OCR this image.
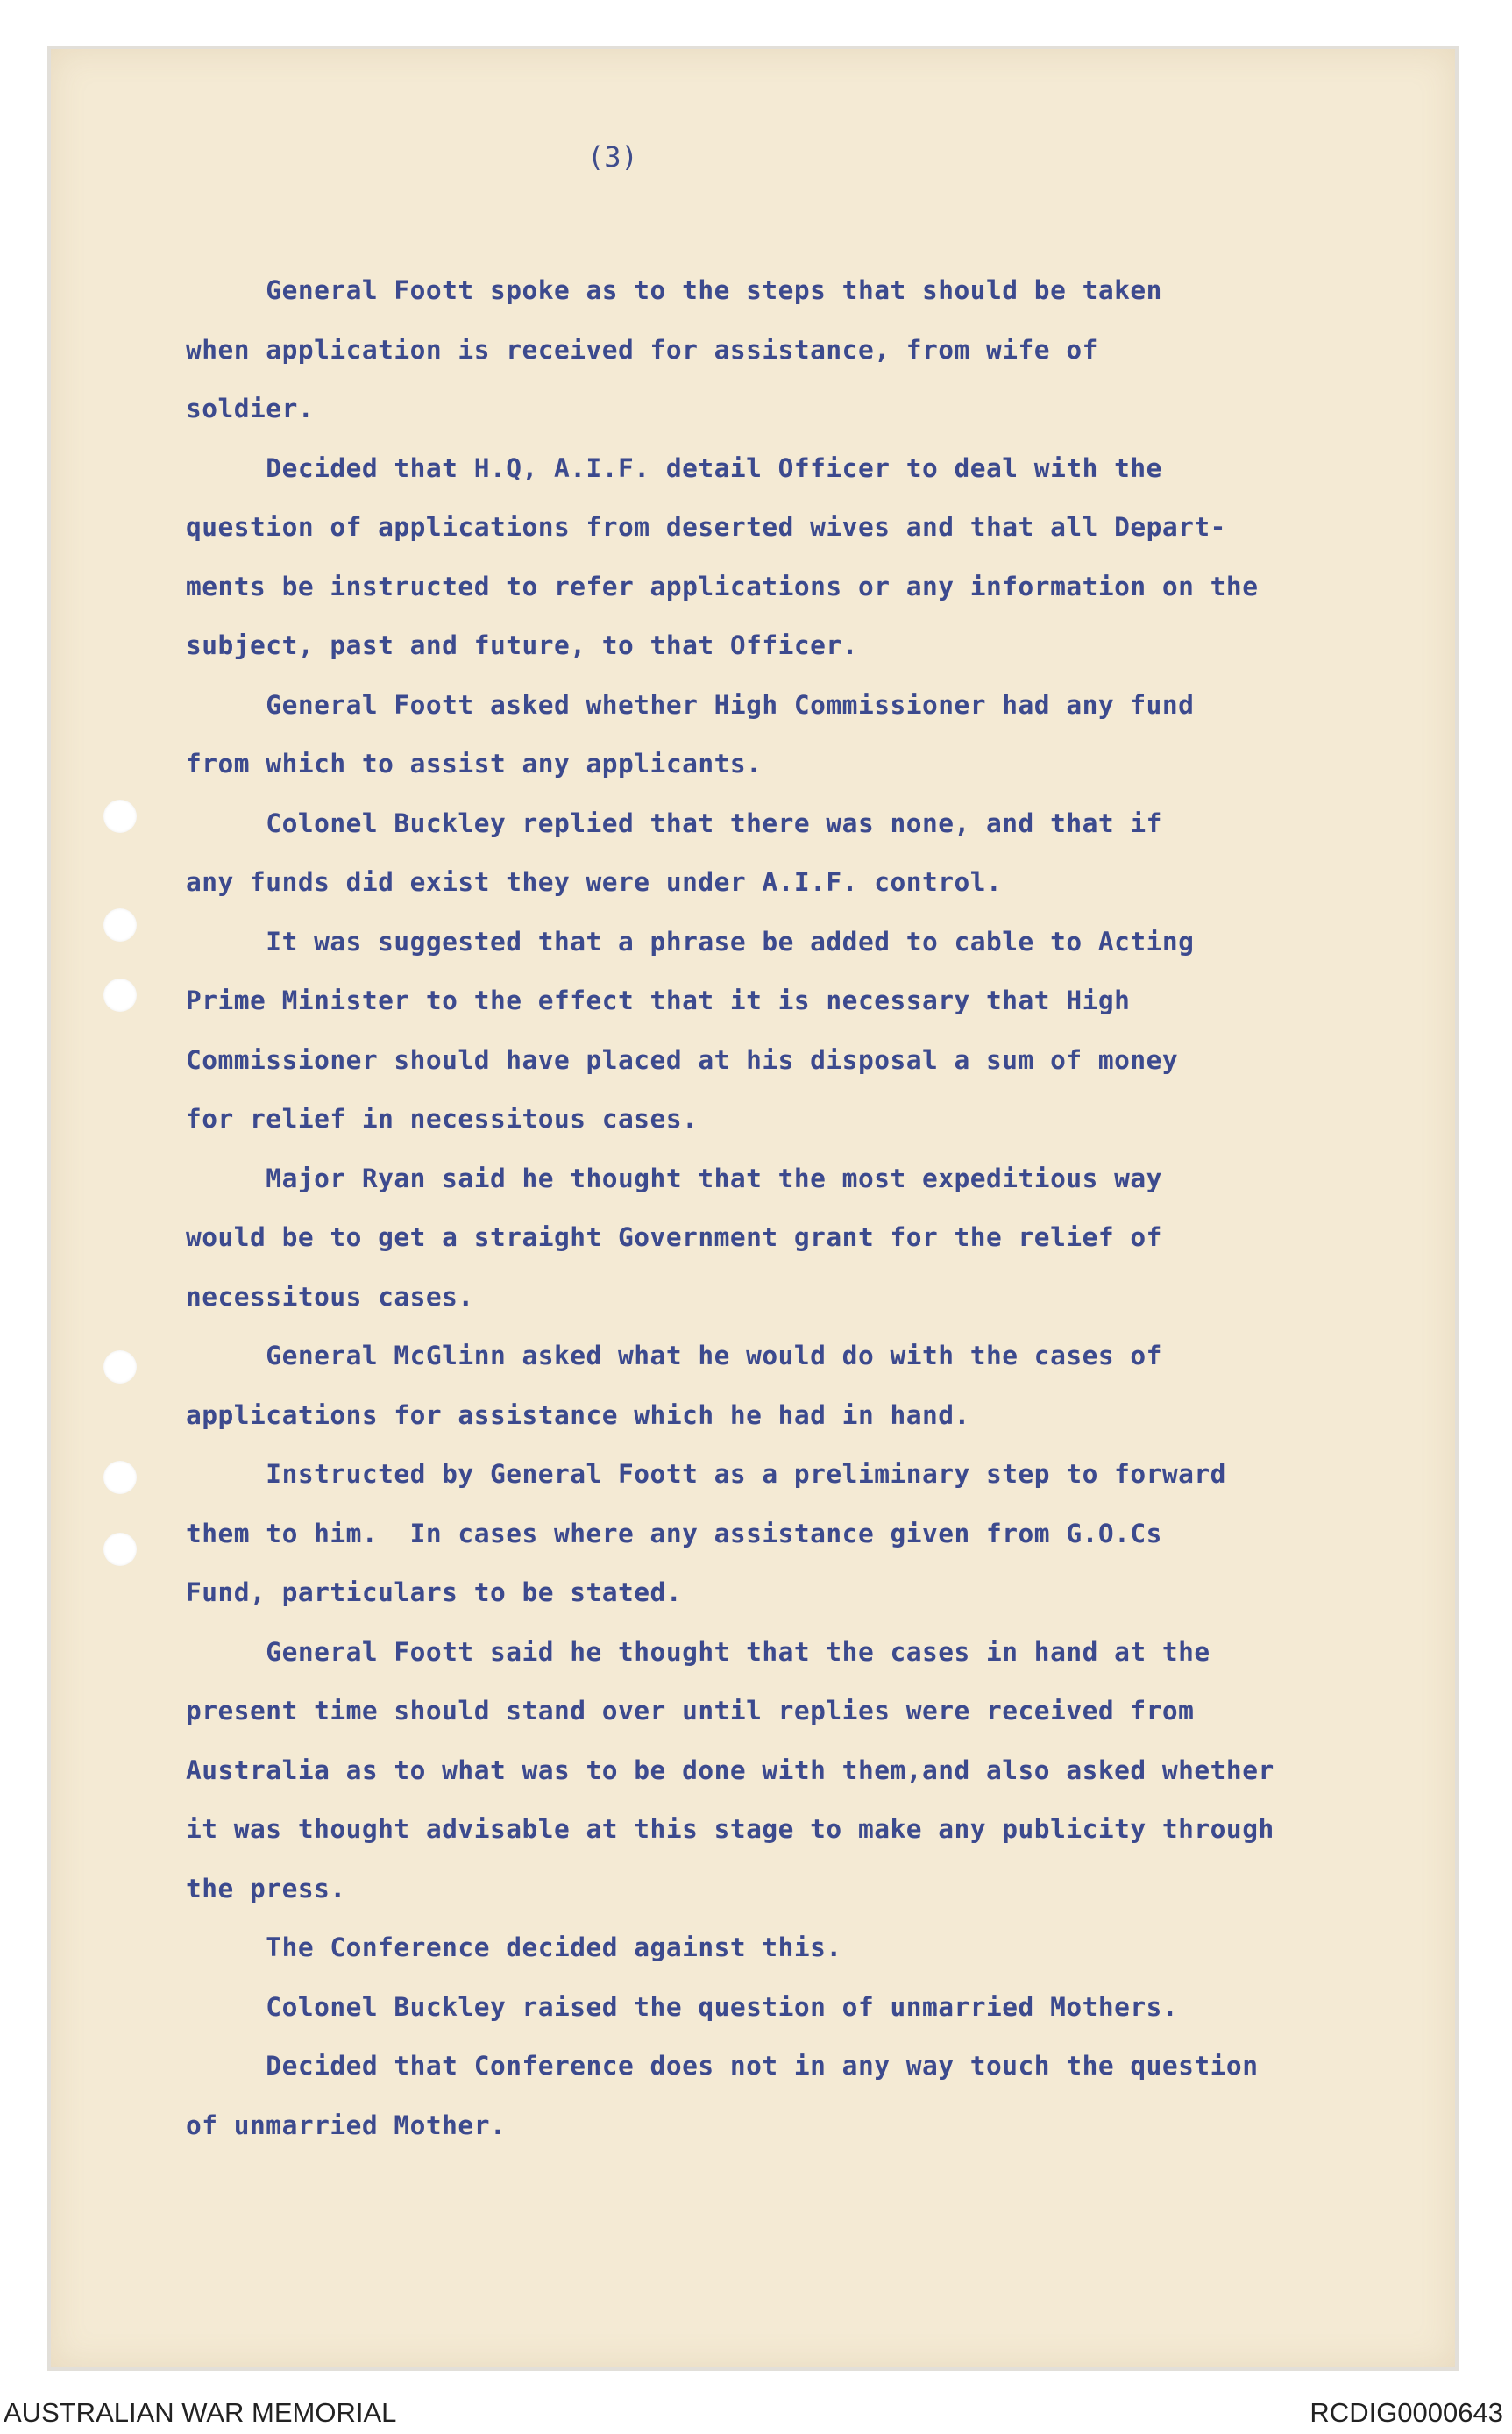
(3)

General Foott spoke as to the steps that should be taken
when application is received for assistance, from wife of
soldier.
Decided that H.Q, A.I.F. detail Officer to deal with the
question of applications from deserted wives and that all Depart-
ments be instructed to refer applications or any information on the
subject, past and future, to that Officer.
General Foott asked whether High Commissioner had any fund
from which to assist any applicants.
Colonel Buckley replied that there was none, and that if
any funds did exist they were under A.I.F. control.
It was suggested that a phrase be added to cable to Acting
Prime Minister to the effect that it is necessary that High
Commissioner should have placed at his disposal a sum of money
for relief in necessitous cases.
Major Ryan said he thought that the most expeditious way
would be to get a straight Government grant for the relief of
necessitous cases.
General McGlinn asked what he would do with the cases of
applications for assistance which he had in hand.
Instructed by General Foott as a preliminary step to forward
them to him.  In cases where any assistance given from G.O.Cs
Fund, particulars to be stated.
General Foott said he thought that the cases in hand at the
present time should stand over until replies were received from
Australia as to what was to be done with them,and also asked whether
it was thought advisable at this stage to make any publicity through
the press.
The Conference decided against this.
Colonel Buckley raised the question of unmarried Mothers.
Decided that Conference does not in any way touch the question
of unmarried Mother.

AUSTRALIAN WAR MEMORIAL	RCDIG0000643
